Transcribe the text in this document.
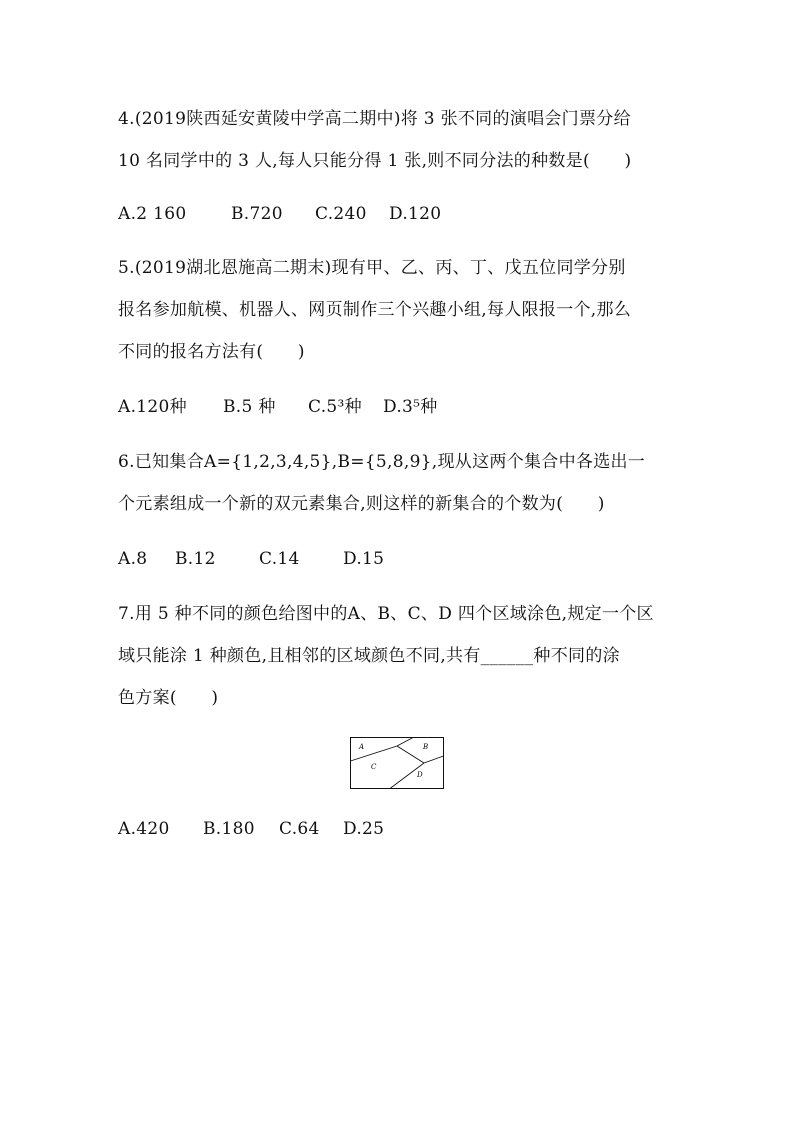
4.(2019陕西延安黄陵中学高二期中)将 3 张不同的演唱会门票分给
10 名同学中的 3 人,每人只能分得 1 张,则不同分法的种数是(　　)
A.2 160	B.720 C.240 D.120
5.(2019湖北恩施高二期末)现有甲、乙、丙、丁、戊五位同学分别
报名参加航模、机器人、网页制作三个兴趣小组,每人限报一个,那么
不同的报名方法有(　　)
A.120种 B.5 种 C.5³种 D.3⁵种
6.已知集合A={1,2,3,4,5},B={5,8,9},现从这两个集合中各选出一
个元素组成一个新的双元素集合,则这样的新集合的个数为(　　)
A.8 B.12	C.14	D.15
7.用 5 种不同的颜色给图中的A、B、C、D 四个区域涂色,规定一个区
域只能涂 1 种颜色,且相邻的区域颜色不同,共有______种不同的涂
色方案(　　)
A	B
C
D
A.420 B.180 C.64 D.25
